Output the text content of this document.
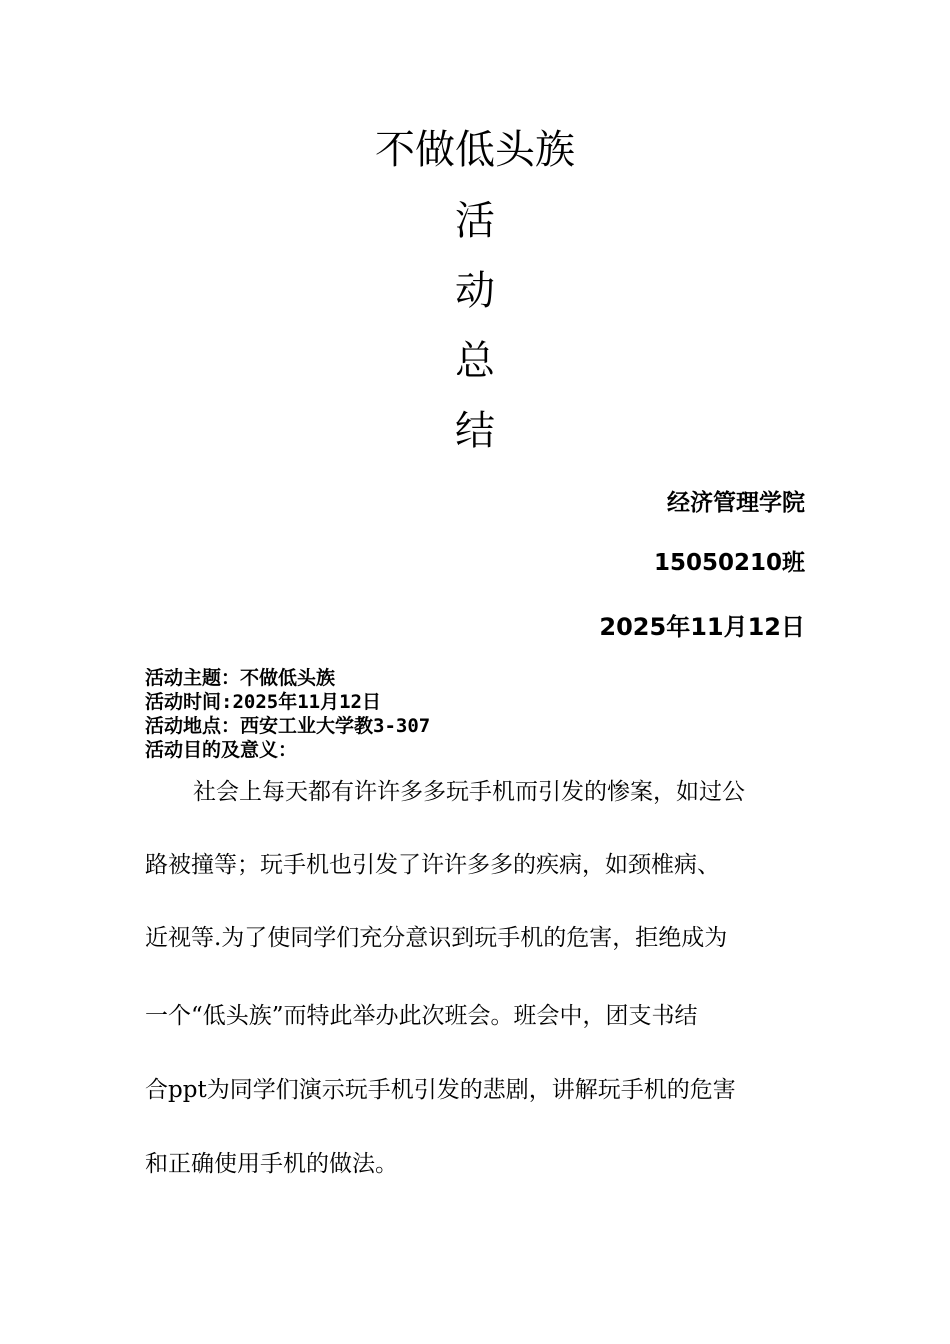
不做低头族
活
动
总
结
经济管理学院
15050210班
2025年11月12日
活动主题：不做低头族
活动时间:2025年11月12日
活动地点：西安工业大学教3-307
活动目的及意义：
社会上每天都有许许多多玩手机而引发的惨案，如过公
路被撞等；玩手机也引发了许许多多的疾病，如颈椎病、
近视等.为了使同学们充分意识到玩手机的危害，拒绝成为
一个“低头族”而特此举办此次班会。班会中，团支书结
合ppt为同学们演示玩手机引发的悲剧，讲解玩手机的危害
和正确使用手机的做法。
